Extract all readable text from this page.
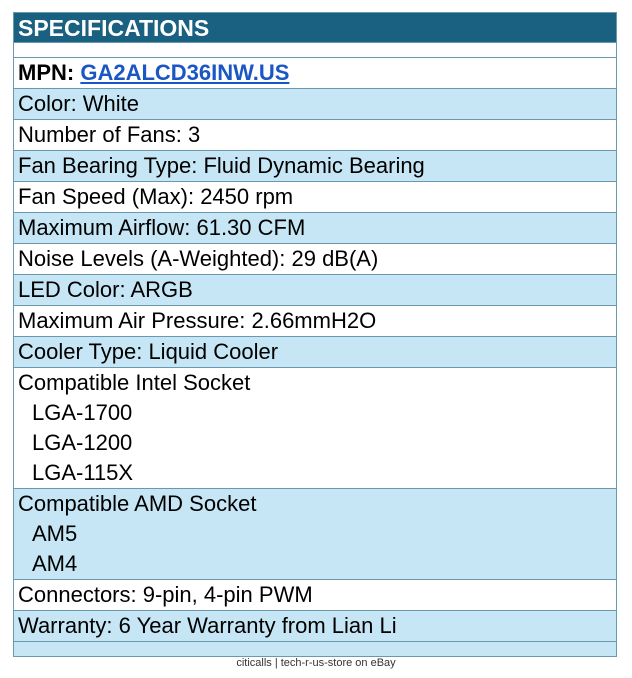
SPECIFICATIONS
MPN: GA2ALCD36INW.US
Color: White
Number of Fans: 3
Fan Bearing Type: Fluid Dynamic Bearing
Fan Speed (Max): 2450 rpm
Maximum Airflow: 61.30 CFM
Noise Levels (A-Weighted): 29 dB(A)
LED Color: ARGB
Maximum Air Pressure: 2.66mmH2O
Cooler Type: Liquid Cooler
Compatible Intel Socket
LGA-1700
LGA-1200
LGA-115X
Compatible AMD Socket
AM5
AM4
Connectors: 9-pin, 4-pin PWM
Warranty: 6 Year Warranty from Lian Li
citicalls | tech-r-us-store on eBay
